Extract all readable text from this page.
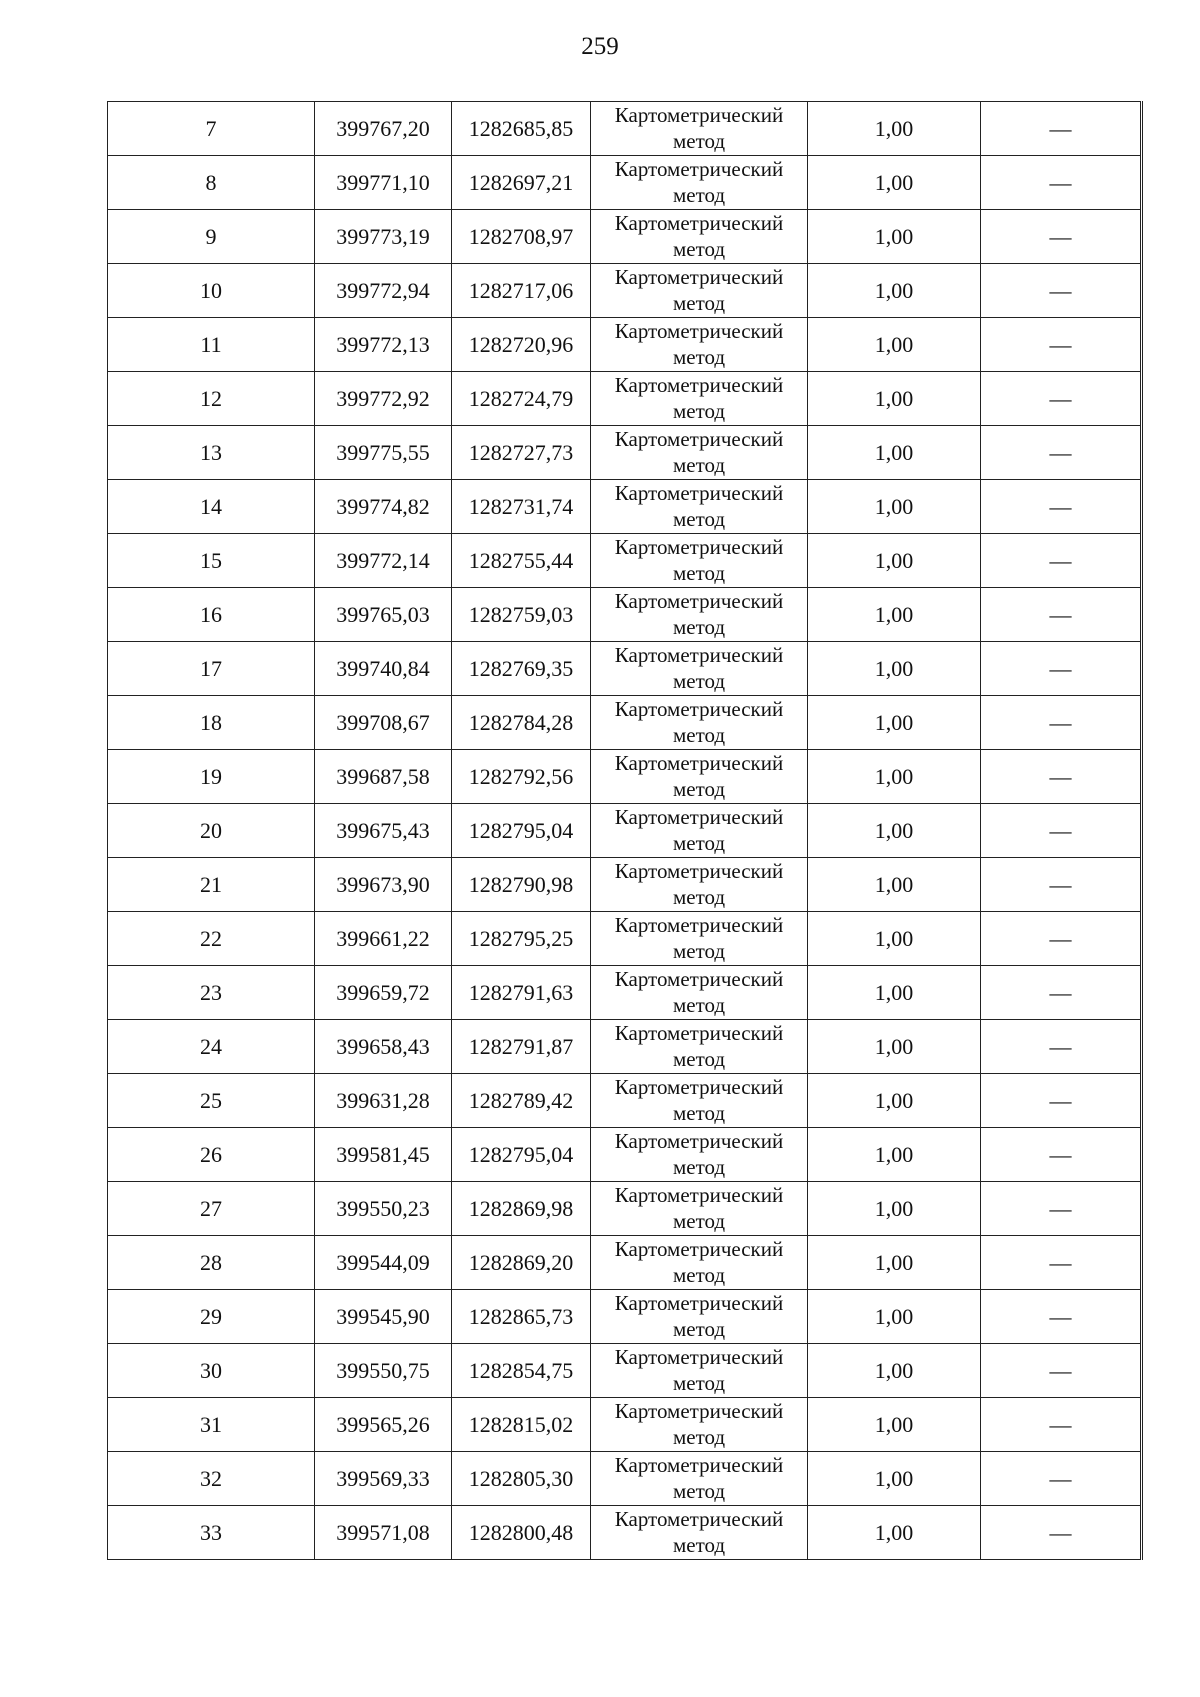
259
7	399767,20	1282685,85	Картометрический метод	1,00	—
8	399771,10	1282697,21	Картометрический метод	1,00	—
9	399773,19	1282708,97	Картометрический метод	1,00	—
10	399772,94	1282717,06	Картометрический метод	1,00	—
11	399772,13	1282720,96	Картометрический метод	1,00	—
12	399772,92	1282724,79	Картометрический метод	1,00	—
13	399775,55	1282727,73	Картометрический метод	1,00	—
14	399774,82	1282731,74	Картометрический метод	1,00	—
15	399772,14	1282755,44	Картометрический метод	1,00	—
16	399765,03	1282759,03	Картометрический метод	1,00	—
17	399740,84	1282769,35	Картометрический метод	1,00	—
18	399708,67	1282784,28	Картометрический метод	1,00	—
19	399687,58	1282792,56	Картометрический метод	1,00	—
20	399675,43	1282795,04	Картометрический метод	1,00	—
21	399673,90	1282790,98	Картометрический метод	1,00	—
22	399661,22	1282795,25	Картометрический метод	1,00	—
23	399659,72	1282791,63	Картометрический метод	1,00	—
24	399658,43	1282791,87	Картометрический метод	1,00	—
25	399631,28	1282789,42	Картометрический метод	1,00	—
26	399581,45	1282795,04	Картометрический метод	1,00	—
27	399550,23	1282869,98	Картометрический метод	1,00	—
28	399544,09	1282869,20	Картометрический метод	1,00	—
29	399545,90	1282865,73	Картометрический метод	1,00	—
30	399550,75	1282854,75	Картометрический метод	1,00	—
31	399565,26	1282815,02	Картометрический метод	1,00	—
32	399569,33	1282805,30	Картометрический метод	1,00	—
33	399571,08	1282800,48	Картометрический метод	1,00	—
